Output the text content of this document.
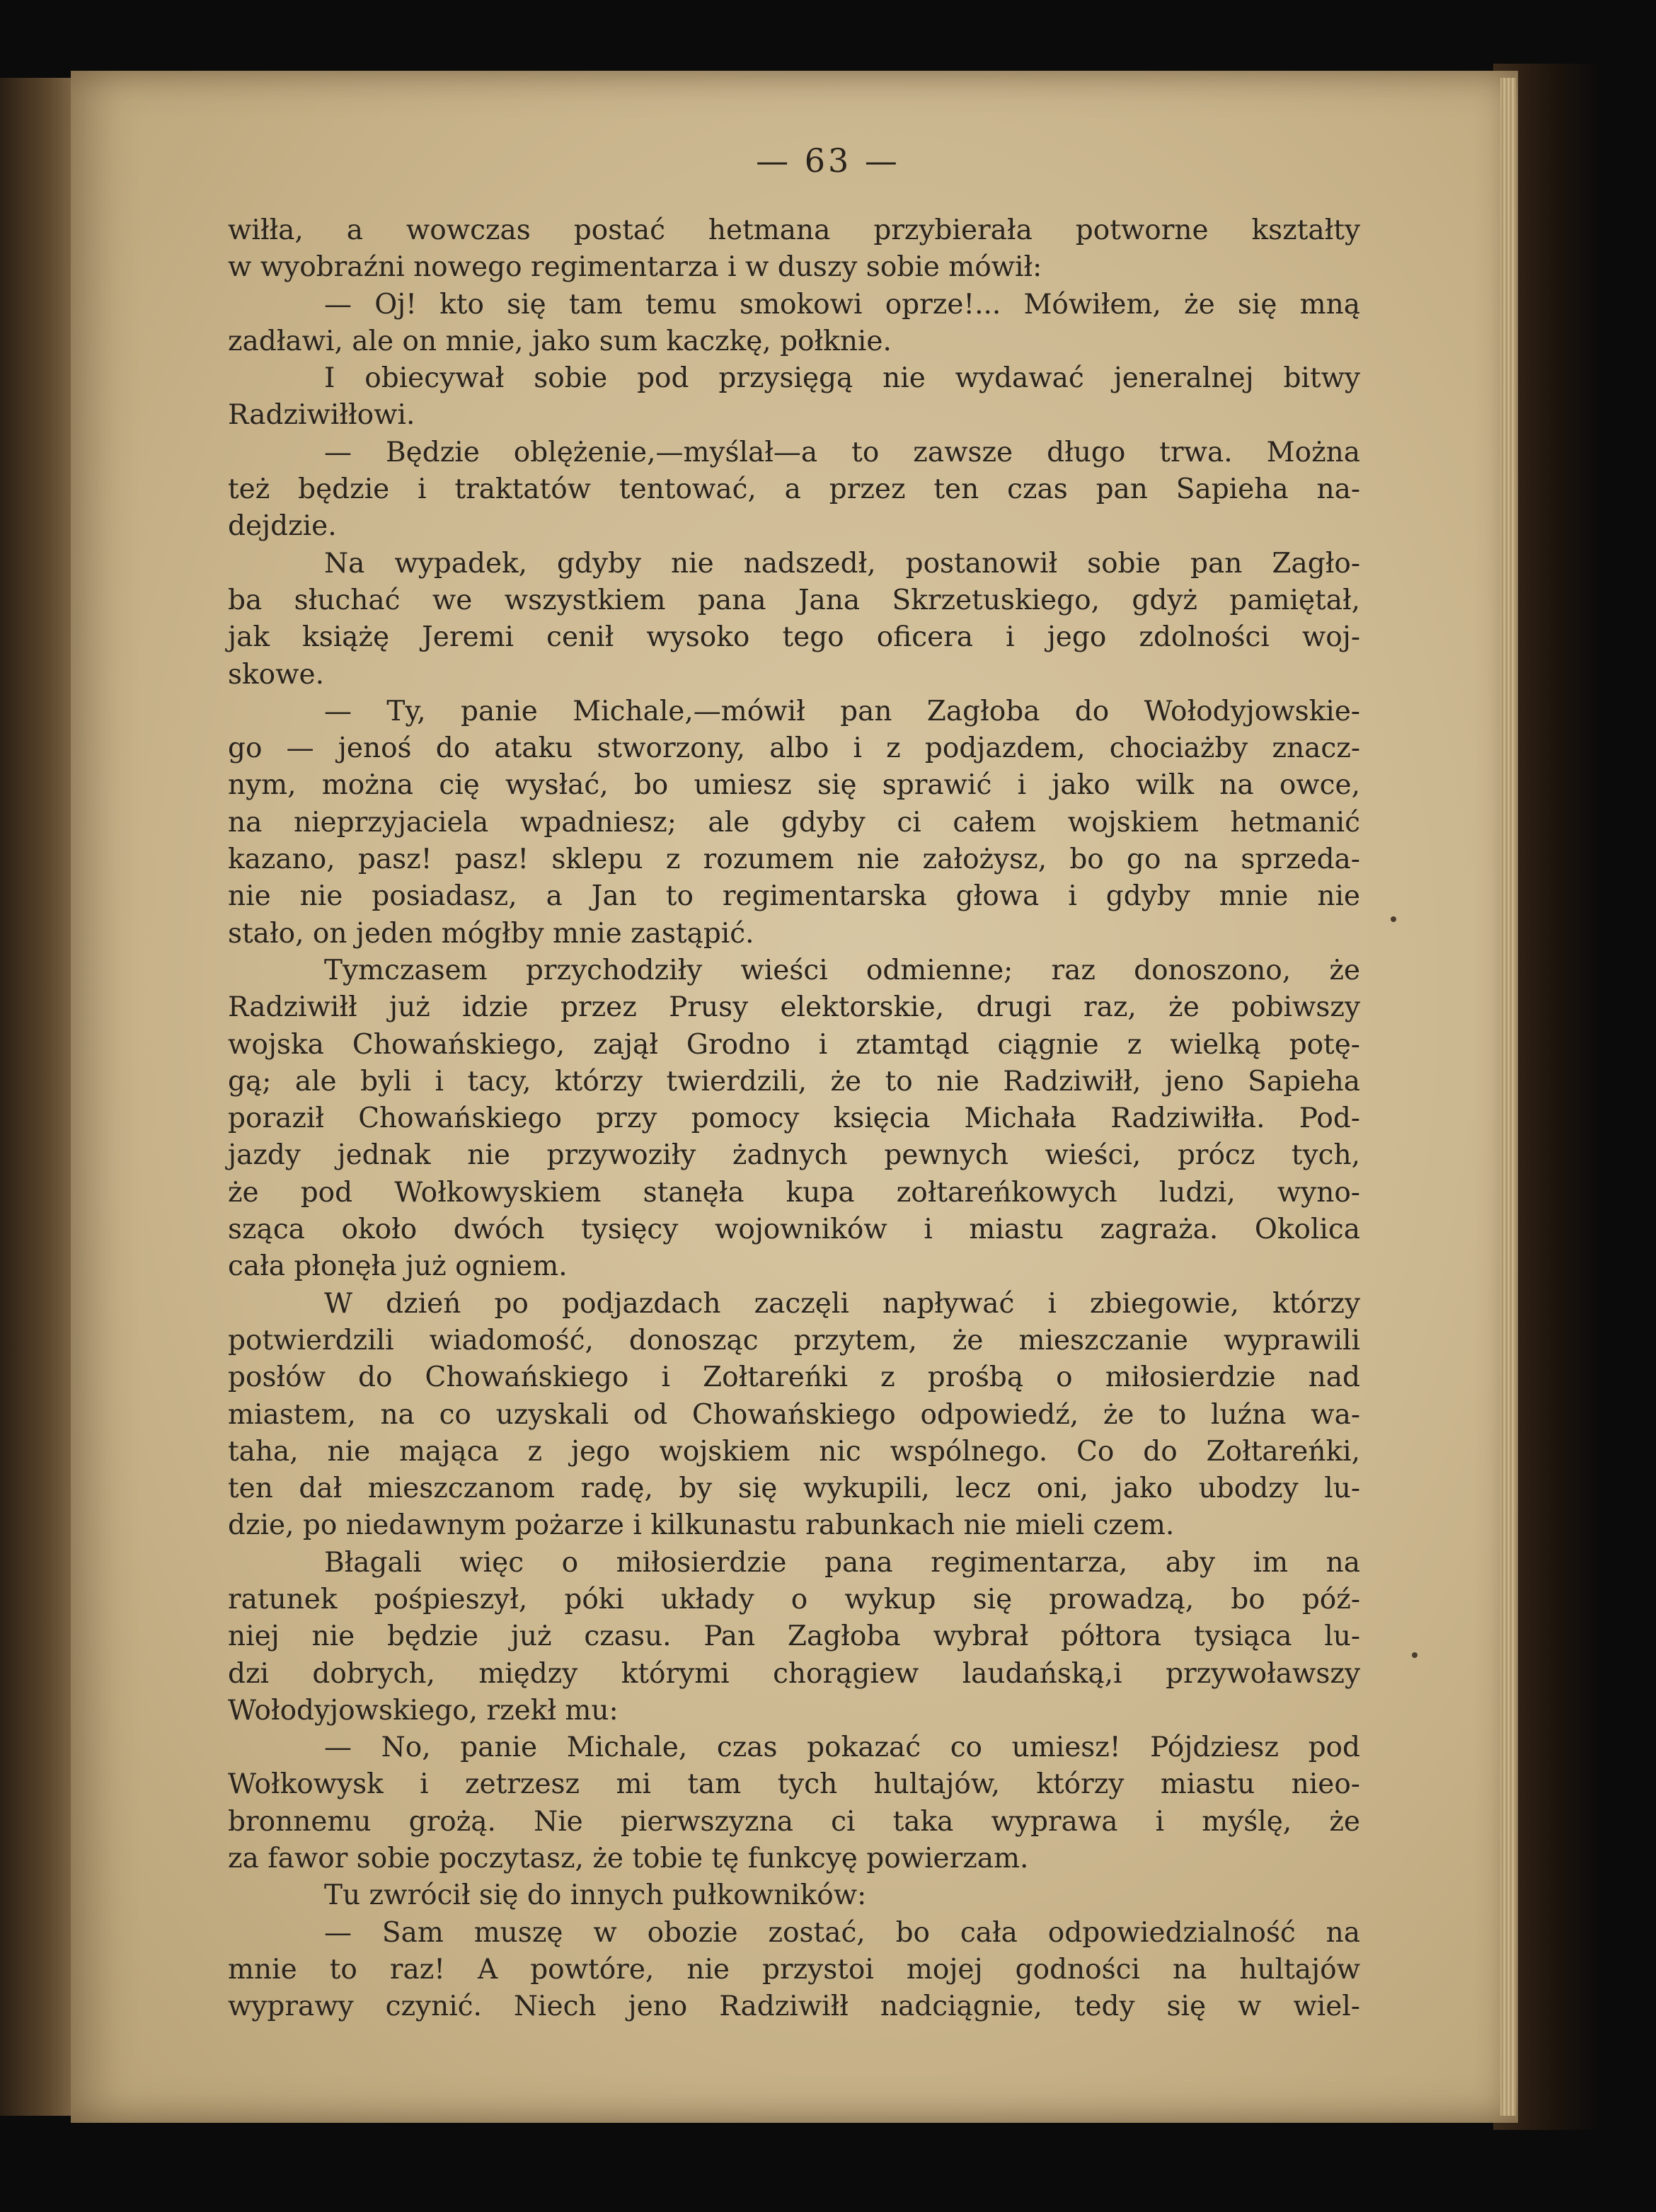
— 63 —
wiłła, a wowczas postać hetmana przybierała potworne kształty
w wyobraźni nowego regimentarza i w duszy sobie mówił:
— Oj! kto się tam temu smokowi oprze!... Mówiłem, że się mną
zadławi, ale on mnie, jako sum kaczkę, połknie.
I obiecywał sobie pod przysięgą nie wydawać jeneralnej bitwy
Radziwiłłowi.
— Będzie oblężenie,—myślał—a to zawsze długo trwa. Można
też będzie i traktatów tentować, a przez ten czas pan Sapieha na-
dejdzie.
Na wypadek, gdyby nie nadszedł, postanowił sobie pan Zagło-
ba słuchać we wszystkiem pana Jana Skrzetuskiego, gdyż pamiętał,
jak książę Jeremi cenił wysoko tego oficera i jego zdolności woj-
skowe.
— Ty, panie Michale,—mówił pan Zagłoba do Wołodyjowskie-
go — jenoś do ataku stworzony, albo i z podjazdem, chociażby znacz-
nym, można cię wysłać, bo umiesz się sprawić i jako wilk na owce,
na nieprzyjaciela wpadniesz; ale gdyby ci całem wojskiem hetmanić
kazano, pasz! pasz! sklepu z rozumem nie założysz, bo go na sprzeda-
nie nie posiadasz, a Jan to regimentarska głowa i gdyby mnie nie
stało, on jeden mógłby mnie zastąpić.
Tymczasem przychodziły wieści odmienne; raz donoszono, że
Radziwiłł już idzie przez Prusy elektorskie, drugi raz, że pobiwszy
wojska Chowańskiego, zajął Grodno i ztamtąd ciągnie z wielką potę-
gą; ale byli i tacy, którzy twierdzili, że to nie Radziwiłł, jeno Sapieha
poraził Chowańskiego przy pomocy księcia Michała Radziwiłła. Pod-
jazdy jednak nie przywoziły żadnych pewnych wieści, prócz tych,
że pod Wołkowyskiem stanęła kupa zołtareńkowych ludzi, wyno-
sząca około dwóch tysięcy wojowników i miastu zagraża. Okolica
cała płonęła już ogniem.
W dzień po podjazdach zaczęli napływać i zbiegowie, którzy
potwierdzili wiadomość, donosząc przytem, że mieszczanie wyprawili
posłów do Chowańskiego i Zołtareńki z prośbą o miłosierdzie nad
miastem, na co uzyskali od Chowańskiego odpowiedź, że to luźna wa-
taha, nie mająca z jego wojskiem nic wspólnego. Co do Zołtareńki,
ten dał mieszczanom radę, by się wykupili, lecz oni, jako ubodzy lu-
dzie, po niedawnym pożarze i kilkunastu rabunkach nie mieli czem.
Błagali więc o miłosierdzie pana regimentarza, aby im na
ratunek pośpieszył, póki układy o wykup się prowadzą, bo póź-
niej nie będzie już czasu. Pan Zagłoba wybrał półtora tysiąca lu-
dzi dobrych, między którymi chorągiew laudańską,i przywoławszy
Wołodyjowskiego, rzekł mu:
— No, panie Michale, czas pokazać co umiesz! Pójdziesz pod
Wołkowysk i zetrzesz mi tam tych hultajów, którzy miastu nieo-
bronnemu grożą. Nie pierwszyzna ci taka wyprawa i myślę, że
za fawor sobie poczytasz, że tobie tę funkcyę powierzam.
Tu zwrócił się do innych pułkowników:
— Sam muszę w obozie zostać, bo cała odpowiedzialność na
mnie to raz! A powtóre, nie przystoi mojej godności na hultajów
wyprawy czynić. Niech jeno Radziwiłł nadciągnie, tedy się w wiel-
